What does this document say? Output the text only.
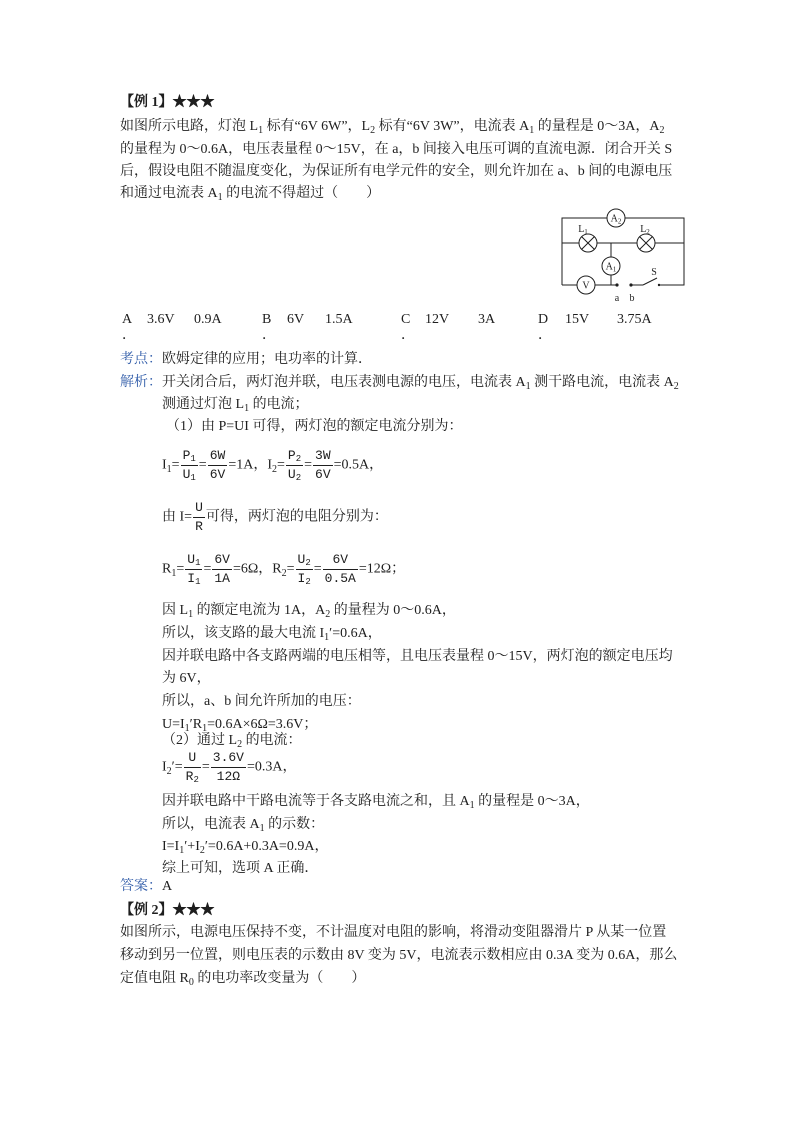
【例 1】★★★
如图所示电路，灯泡 $L_1$ 标有“6V 6W”，$L_2$ 标有“6V 3W”，电流表 $A_1$ 的量程是 0～3A，$A_2$
的量程为 0～0.6A，电压表量程 0～15V，在 a，b 间接入电压可调的直流电源．闭合开关 S
后，假设电阻不随温度变化，为保证所有电学元件的安全，则允许加在 a、b 间的电源电压
和通过电流表 $A_1$ 的电流不得超过（　　）
$A_2$
$L_1$	$L_2$
$A_1$
V
a b
S
A
．
3.6V 0.9A	B
．
6V 1.5A	C
．
12V 3A	D
．
15V 3.75A
考点：欧姆定律的应用；电功率的计算．
解析：开关闭合后，两灯泡并联，电压表测电源的电压，电流表 $A_1$ 测干路电流，电流表 $A_2$
测通过灯泡 $L_1$ 的电流；
（1）由 P=UI 可得，两灯泡的额定电流分别为：
$I_1= \frac{P1}{U1} = \frac{6W}{6V} =1A$，$I_2= \frac{P2}{U2} = \frac{3W}{6V} =0.5A$，
由 $I= \frac{U}{R}$ 可得，两灯泡的电阻分别为：
$R_1= \frac{U1}{I1} = \frac{6V}{1A} =6\Omega$，$R_2= \frac{U2}{I2} = \frac{6V}{0.5A} =12\Omega$；
因 $L_1$ 的额定电流为 1A，$A_2$ 的量程为 0～0.6A，
所以，该支路的最大电流 $I_1'=0.6A$，
因并联电路中各支路两端的电压相等，且电压表量程 0～15V，两灯泡的额定电压均
为 6V，
所以，a、b 间允许所加的电压：
$U=I_1'R_1=0.6A\times 6\Omega=3.6V$；
（2）通过 $L_2$ 的电流：
$I_2'= \frac{U}{R2} = \frac{3.6V}{12\Omega} =0.3A$，
因并联电路中干路电流等于各支路电流之和，且 $A_1$ 的量程是 0～3A，
所以，电流表 $A_1$ 的示数：
$I=I_1'+I_2'=0.6A+0.3A=0.9A$，
综上可知，选项 A 正确．
答案：A
【例 2】★★★
如图所示，电源电压保持不变，不计温度对电阻的影响，将滑动变阻器滑片 P 从某一位置
移动到另一位置，则电压表的示数由 8V 变为 5V，电流表示数相应由 0.3A 变为 0.6A，那么
定值电阻 $R_0$ 的电功率改变量为（　　）
